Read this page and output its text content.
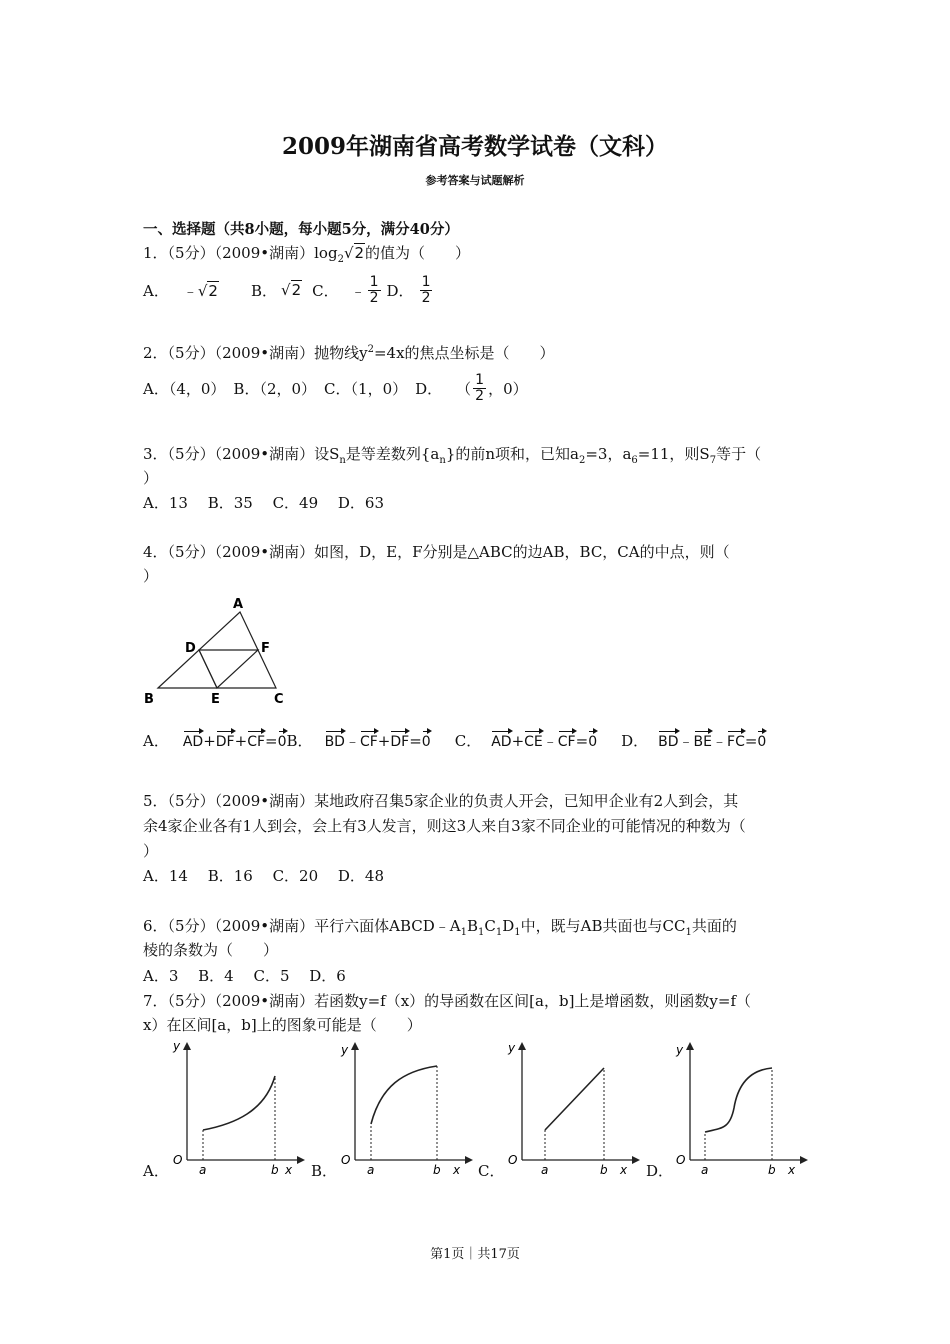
2009年湖南省高考数学试卷（文科）
参考答案与试题解析
一、选择题（共8小题，每小题5分，满分40分）
1．（5分）（2009•湖南）$\log_2√2$的值为（　　）
A． ﹣√2 B． √2 C． ﹣ $\frac{1}{2}$ D． $\frac{1}{2}$
2．（5分）（2009•湖南）抛物线$y^2=4x$的焦点坐标是（　　）
A．（4，0） B．（2，0） C．（1，0） D． （ $\frac{1}{2}$ ，0）
3．（5分）（2009•湖南）设$S_n$是等差数列$\{a_n\}$的前n项和，已知$a_2=3$，$a_6=11$，则$S_7$等于（
）
A．13　 B．35　 C．49　 D．63
4．（5分）（2009•湖南）如图，D，E，F分别是△ABC的边AB，BC，CA的中点，则（
）
A
B	C
D
E
F
A． AD+DF+CF=0 B． BD﹣CF+DF=0 C． AD+CE﹣CF=0 D． BD﹣BE﹣FC=0
5．（5分）（2009•湖南）某地政府召集5家企业的负责人开会，已知甲企业有2人到会，其
余4家企业各有1人到会，会上有3人发言，则这3人来自3家不同企业的可能情况的种数为（
）
A．14　 B．16　 C．20　 D．48
6．（5分）（2009•湖南）平行六面体$ABCD﹣A_1B_1C_1D_1$中，既与AB共面也与$CC_1$共面的
棱的条数为（　　）
A．3　 B．4　 C．5　 D．6
7．（5分）（2009•湖南）若函数y=f（x）的导函数在区间[a，b]上是增函数，则函数y=f（
x）在区间[a，b]上的图象可能是（　　）
A．	B．	C．	D．
y
O
a	b x
y
O
a	b x
y
O
a	b x
y
O
a	b x
第1页｜共17页
